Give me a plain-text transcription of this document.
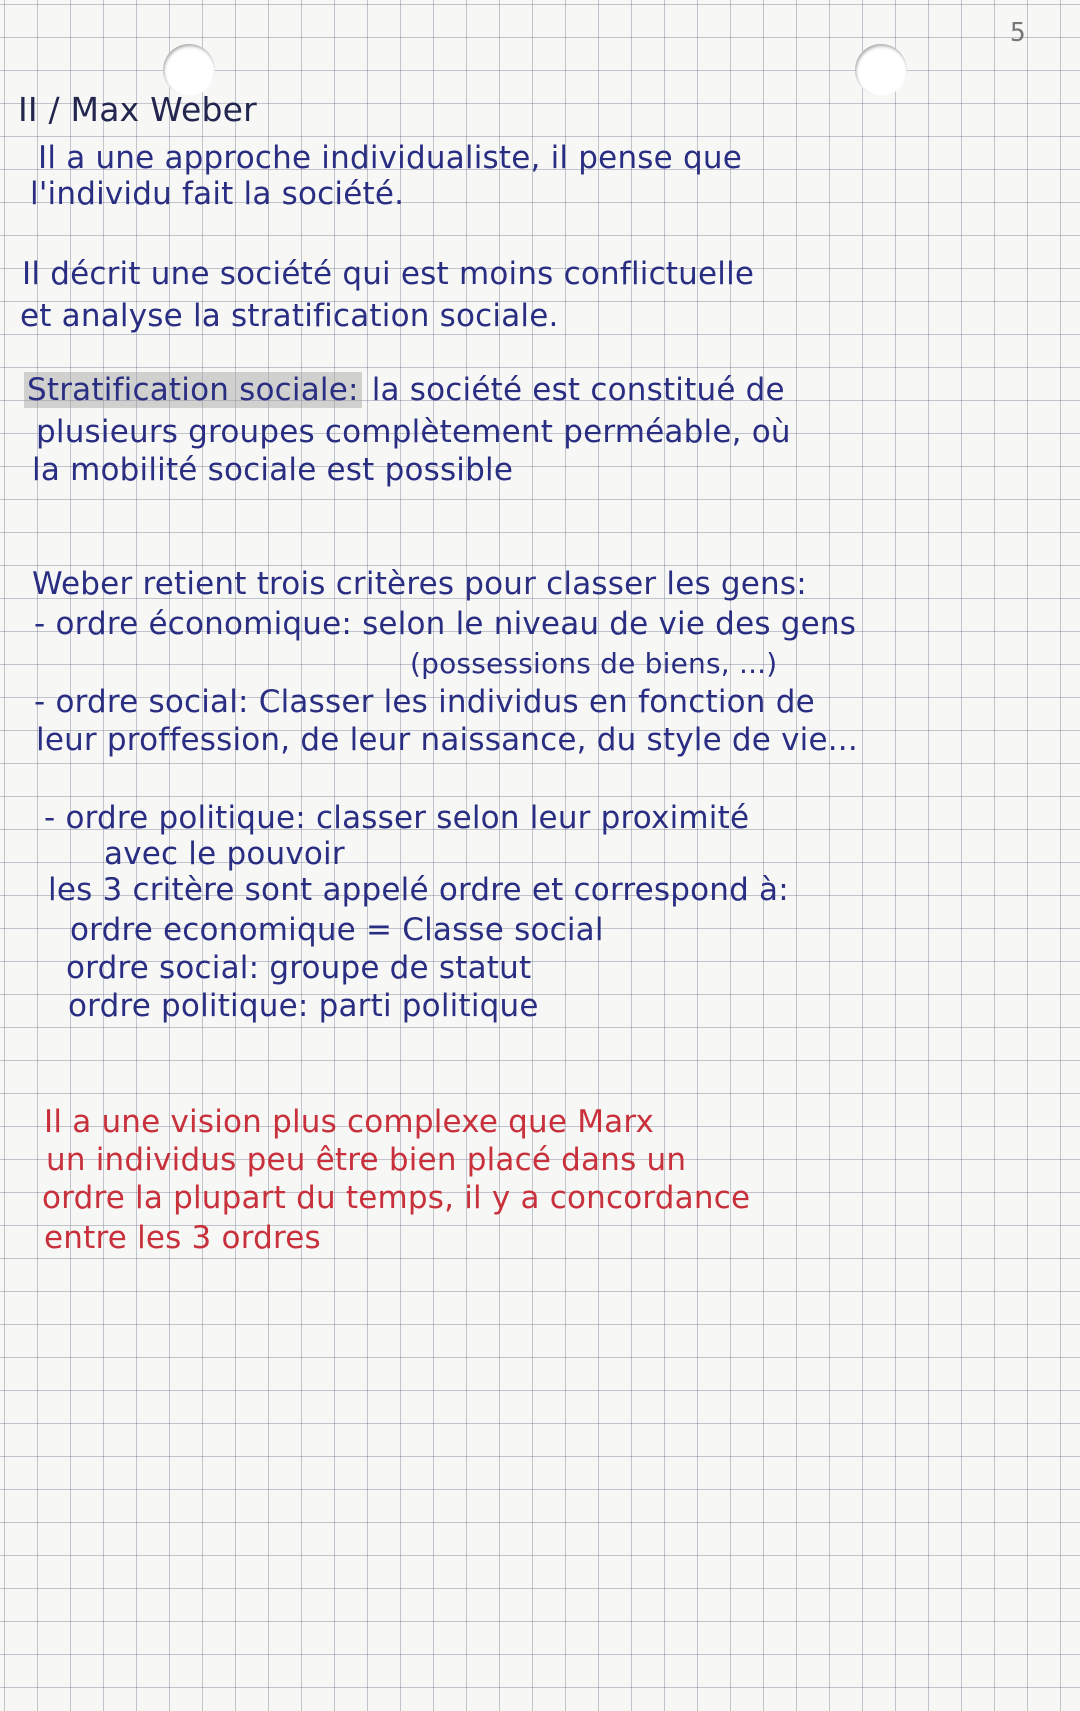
5
II / Max Weber
Il a une approche individualiste, il pense que
l'individu fait la société.
Il décrit une société qui est moins conflictuelle
et analyse la stratification sociale.
Stratification sociale: la société est constitué de
plusieurs groupes complètement perméable, où
la mobilité sociale est possible
Weber retient trois critères pour classer les gens:
- ordre économique: selon le niveau de vie des gens
(possessions de biens, ...)
- ordre social: Classer les individus en fonction de
leur proffession, de leur naissance, du style de vie...
- ordre politique: classer selon leur proximité
avec le pouvoir
les 3 critère sont appelé ordre et correspond à:
ordre economique = Classe social
ordre social: groupe de statut
ordre politique: parti politique
Il a une vision plus complexe que Marx
un individus peu être bien placé dans un
ordre la plupart du temps, il y a concordance
entre les 3 ordres
